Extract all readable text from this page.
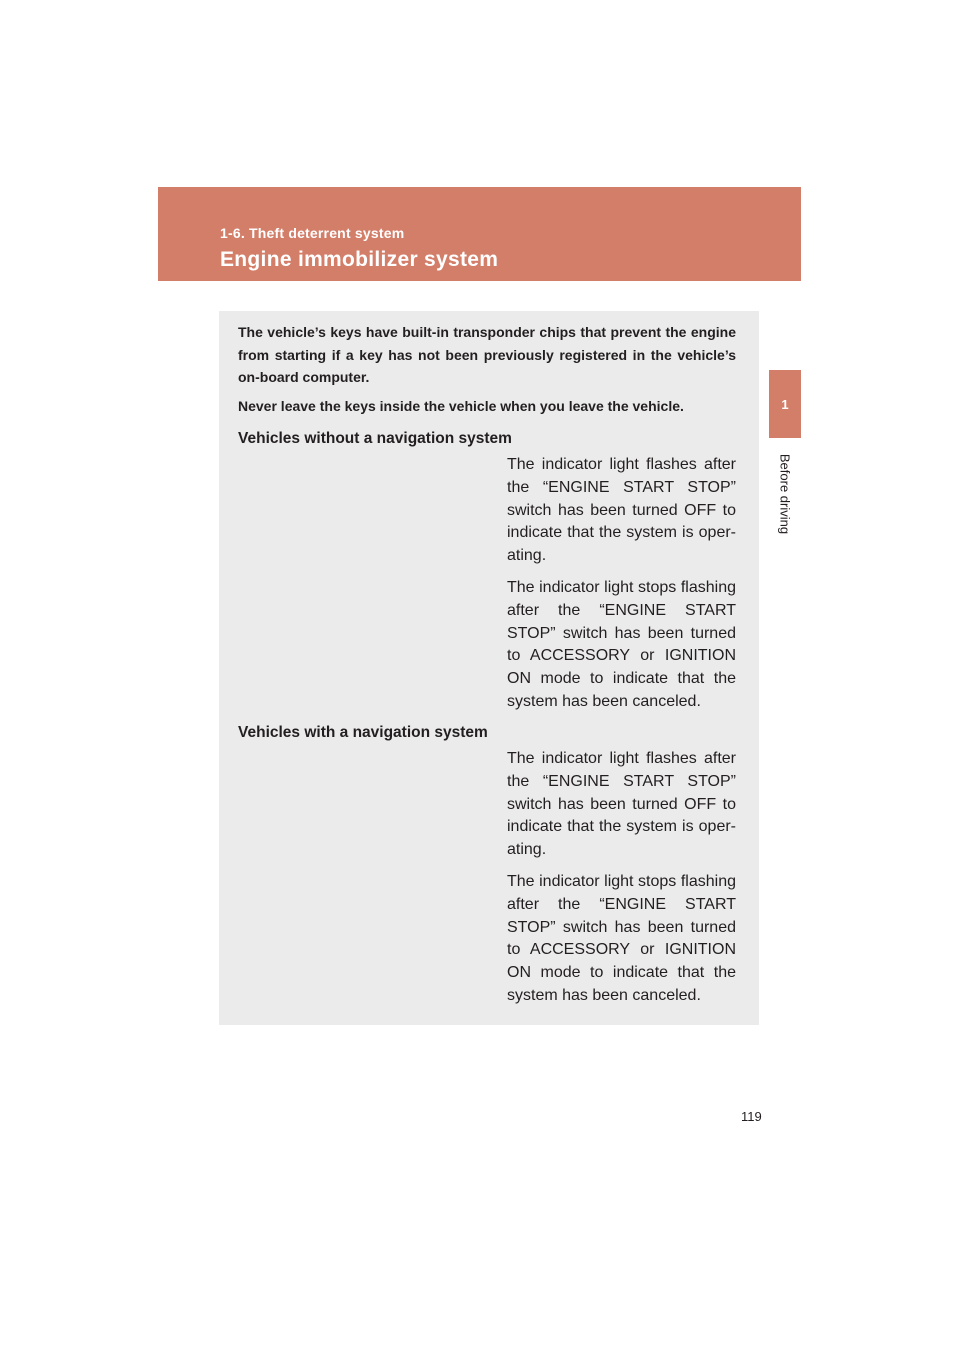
1-6. Theft deterrent system
Engine immobilizer system
1
Before driving

The vehicle’s keys have built-in transponder chips that prevent the engine from starting if a key has not been previously registered in the vehicle’s on-board computer.

Never leave the keys inside the vehicle when you leave the vehicle.

Vehicles without a navigation system

The indicator light flashes after the “ENGINE START STOP” switch has been turned OFF to indicate that the system is oper-ating.

The indicator light stops flashing after the “ENGINE START STOP” switch has been turned to ACCESSORY or IGNITION ON mode to indicate that the system has been canceled.

Vehicles with a navigation system

The indicator light flashes after the “ENGINE START STOP” switch has been turned OFF to indicate that the system is oper-ating.

The indicator light stops flashing after the “ENGINE START STOP” switch has been turned to ACCESSORY or IGNITION ON mode to indicate that the system has been canceled.

119
